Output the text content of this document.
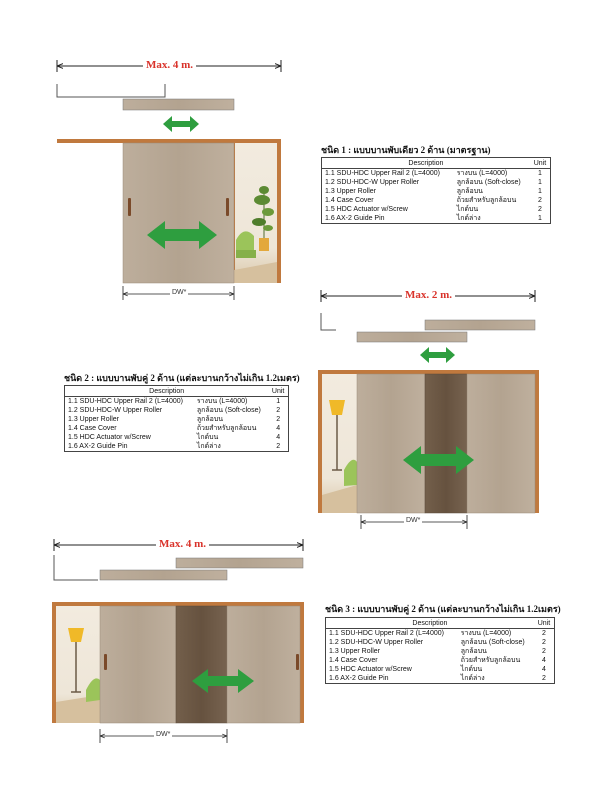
Max. 4 m.
DW*	Max. 2 m.
DW*
Max. 4 m.
DW*
ชนิด 1 : แบบบานพับเดียว 2 ด้าน (มาตรฐาน)
Description		Unit
1.1 SDU-HDC Upper Rail 2 (L=4000)	รางบน (L=4000)	1
1.2 SDU-HDC-W Upper Roller	ลูกล้อบน (Soft-close)	1
1.3 Upper Roller	ลูกล้อบน	1
1.4 Case Cover	ถ้วยสำหรับลูกล้อบน	2
1.5 HDC Actuator w/Screw	ไกด์บน	2
1.6 AX-2 Guide Pin	ไกด์ล่าง	1
ชนิด 2 : แบบบานพับคู่ 2 ด้าน (แต่ละบานกว้างไม่เกิน 1.2เมตร)
Description		Unit
1.1 SDU-HDC Upper Rail 2 (L=4000)	รางบน (L=4000)	1
1.2 SDU-HDC-W Upper Roller	ลูกล้อบน (Soft-close)	2
1.3 Upper Roller	ลูกล้อบน	2
1.4 Case Cover	ถ้วยสำหรับลูกล้อบน	4
1.5 HDC Actuator w/Screw	ไกด์บน	4
1.6 AX-2 Guide Pin	ไกด์ล่าง	2
ชนิด 3 : แบบบานพับคู่ 2 ด้าน (แต่ละบานกว้างไม่เกิน 1.2เมตร)
Description		Unit
1.1 SDU-HDC Upper Rail 2 (L=4000)	รางบน (L=4000)	2
1.2 SDU-HDC-W Upper Roller	ลูกล้อบน (Soft-close)	2
1.3 Upper Roller	ลูกล้อบน	2
1.4 Case Cover	ถ้วยสำหรับลูกล้อบน	4
1.5 HDC Actuator w/Screw	ไกด์บน	4
1.6 AX-2 Guide Pin	ไกด์ล่าง	2
